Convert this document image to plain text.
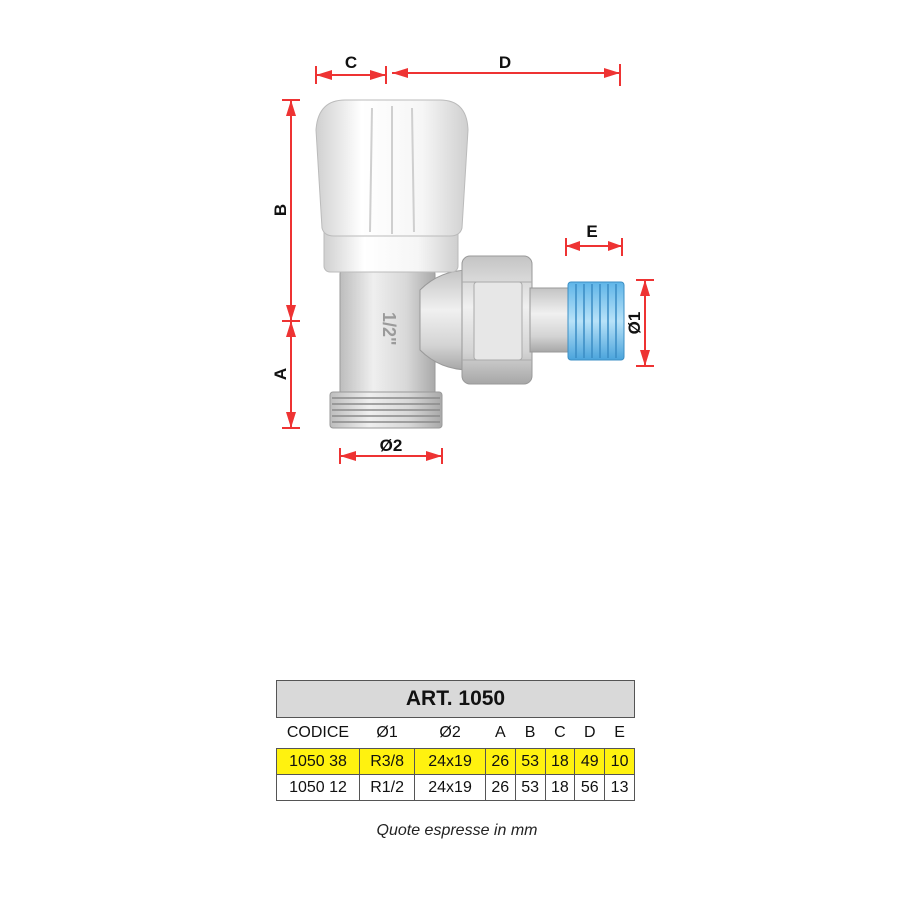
1/2"
C	D
B
A
Ø2
E
Ø1
ART. 1050							
CODICE	Ø1	Ø2	A	B	C	D	E
1050 38	R3/8	24x19	26	53	18	49	10
1050 12	R1/2	24x19	26	53	18	56	13
Quote espresse in mm
